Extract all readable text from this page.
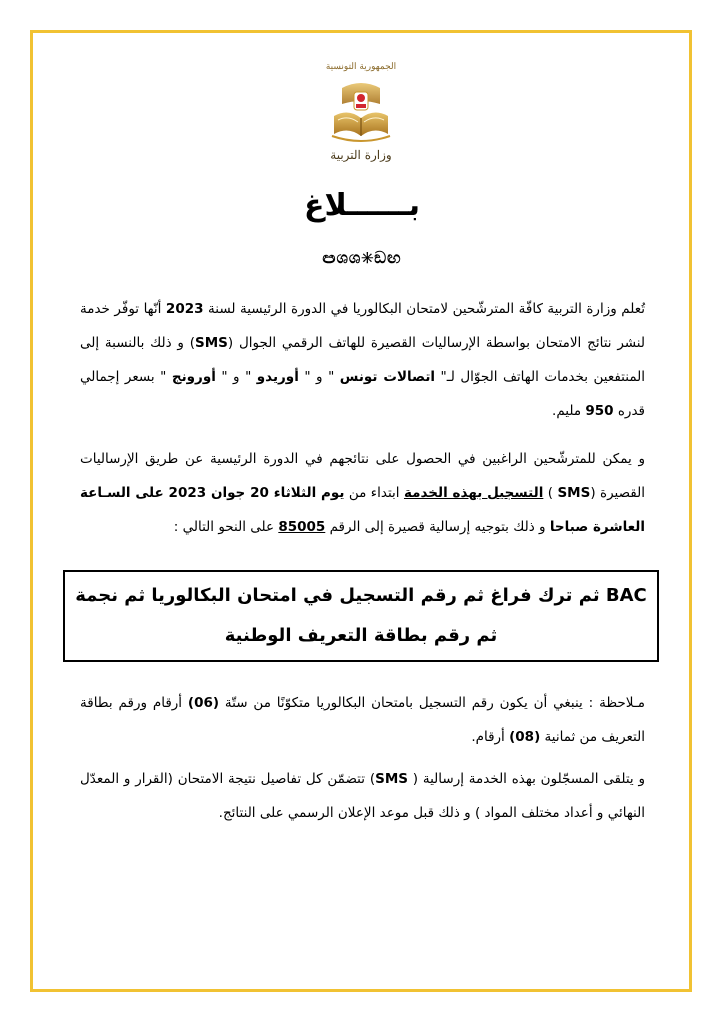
الجمهورية التونسية
وزارة التربية
بــــــلاغ
ඏශශ✳ඞඟ
تُعلم وزارة التربية كافّة المترشّحين لامتحان البكالوريا في الدورة الرئيسية لسنة 2023 أنّها توفّر خدمة لنشر نتائج الامتحان بواسطة الإرساليات القصيرة للهاتف الرقمي الجوال (SMS) و ذلك بالنسبة إلى المنتفعين بخدمات الهاتف الجوّال لـ" اتصالات تونس " و " أوريدو " و " أورونج " بسعر إجمالي قدره 950 مليم.
و يمكن للمترشّحين الراغبين في الحصول على نتائجهم في الدورة الرئيسية عن طريق الإرساليات القصيرة (SMS ) التسجيل بهذه الخدمة ابتداء من يوم الثلاثاء 20 جوان 2023 على السـاعة العاشرة صباحا و ذلك بتوجيه إرسالية قصيرة إلى الرقم 85005 على النحو التالي :
BAC ثم ترك فراغ ثم رقم التسجيل في امتحان البكالوريا ثم نجمة
ثم رقم بطاقة التعريف الوطنية
مـلاحظة : ينبغي أن يكون رقم التسجيل بامتحان البكالوريا متكوّنًا من ستّة (06) أرقام ورقم بطاقة التعريف من ثمانية (08) أرقام.
و يتلقى المسجّلون بهذه الخدمة إرسالية ( SMS) تتضمّن كل تفاصيل نتيجة الامتحان (القرار و المعدّل النهائي و أعداد مختلف المواد ) و ذلك قبل موعد الإعلان الرسمي على النتائج.
